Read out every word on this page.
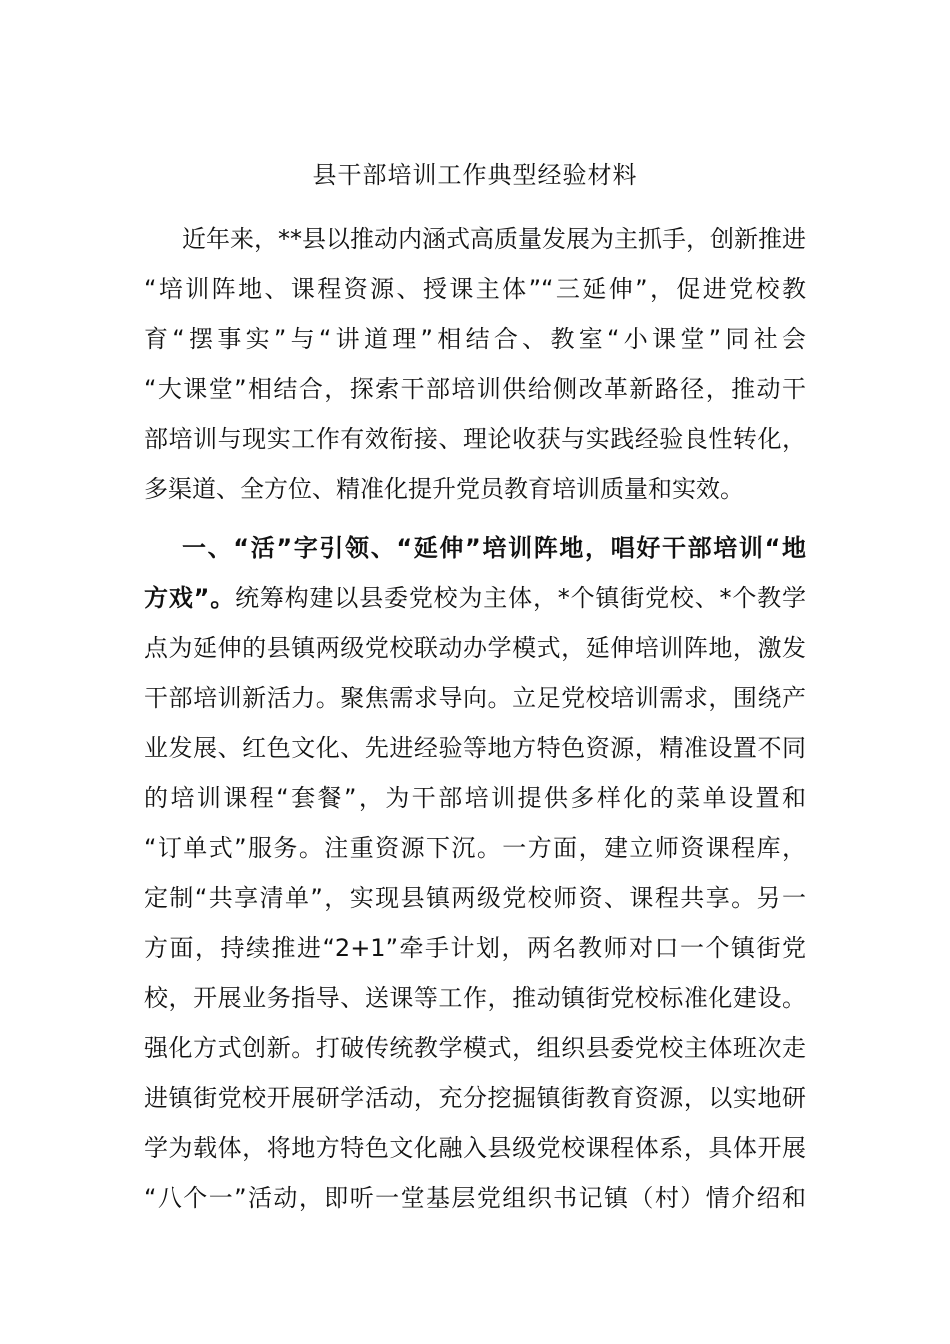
县干部培训工作典型经验材料
近年来，**县以推动内涵式高质量发展为主抓手，创新推进
“培训阵地、课程资源、授课主体”“三延伸”，促进党校教
育“摆事实”与“讲道理”相结合、教室“小课堂”同社会
“大课堂”相结合，探索干部培训供给侧改革新路径，推动干
部培训与现实工作有效衔接、理论收获与实践经验良性转化，
多渠道、全方位、精准化提升党员教育培训质量和实效。
一、“活”字引领、“延伸”培训阵地，唱好干部培训“地
方戏”。统筹构建以县委党校为主体，*个镇街党校、*个教学
点为延伸的县镇两级党校联动办学模式，延伸培训阵地，激发
干部培训新活力。聚焦需求导向。立足党校培训需求，围绕产
业发展、红色文化、先进经验等地方特色资源，精准设置不同
的培训课程“套餐”，为干部培训提供多样化的菜单设置和
“订单式”服务。注重资源下沉。一方面，建立师资课程库，
定制“共享清单”，实现县镇两级党校师资、课程共享。另一
方面，持续推进“2+1”牵手计划，两名教师对口一个镇街党
校，开展业务指导、送课等工作，推动镇街党校标准化建设。
强化方式创新。打破传统教学模式，组织县委党校主体班次走
进镇街党校开展研学活动，充分挖掘镇街教育资源，以实地研
学为载体，将地方特色文化融入县级党校课程体系，具体开展
“八个一”活动，即听一堂基层党组织书记镇（村）情介绍和
